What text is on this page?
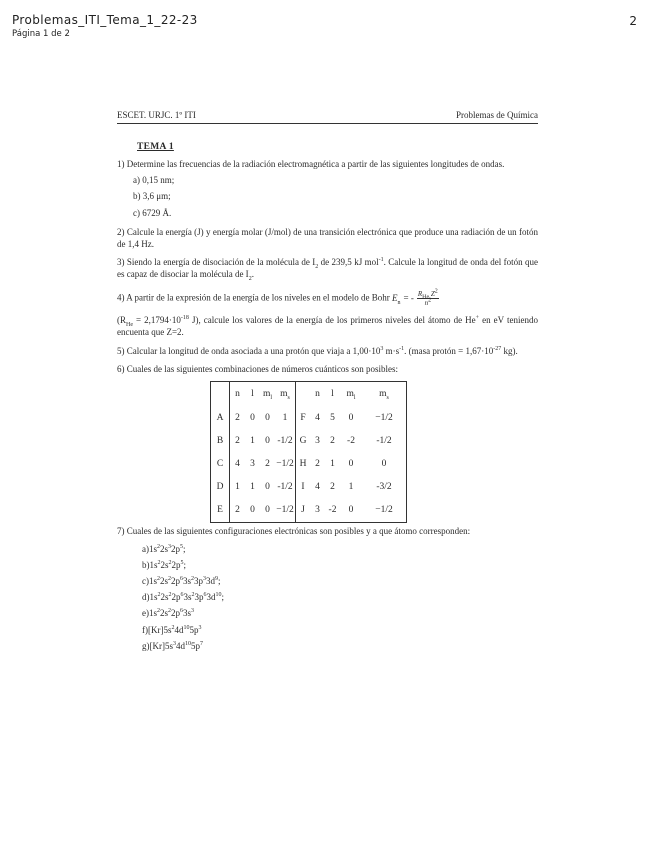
Problemas_ITI_Tema_1_22-23
Página 1 de 2
2
ESCET. URJC. 1º ITI	Problemas de Química
TEMA 1

1) Determine las frecuencias de la radiación electromagnética a partir de las siguientes longitudes de ondas.

a) 0,15 nm;
b) 3,6 μm;
c) 6729 Å.

2) Calcule la energía (J) y energía molar (J/mol) de una transición electrónica que produce una radiación de un fotón de 1,4 Hz.

3) Siendo la energía de disociación de la molécula de $I_2$ de 239,5 kJ mol$^{-1}$. Calcule la longitud de onda del fotón que es capaz de disociar la molécula de $I_2$.

4) A partir de la expresión de la energía de los niveles en el modelo de Bohr $E_n$ = - $\frac{R_{He} Z^2}{n^2}$

($R_{He} = 2,1794\cdot 10^{-18}$ J), calcule los valores de la energía de los primeros niveles del átomo de He+ en eV teniendo encuenta que Z=2.

5) Calcular la longitud de onda asociada a una protón que viaja a $1,00\cdot 10^3$ $m\cdot s^{-1}$. (masa protón = $1,67\cdot 10^{-27}$ kg).

6) Cuales de las siguientes combinaciones de números cuánticos son posibles:

	n	l	$m_l$	$m_s$		n	l	$m_l$	$m_s$
A	2	0	0	1	F	4	5	0	−1/2
B	2	1	0	-1/2	G	3	2	-2	-1/2
C	4	3	2	−1/2	H	2	1	0	0
D	1	1	0	-1/2	I	4	2	1	-3/2
E	2	0	0	−1/2	J	3	-2	0	−1/2

7) Cuales de las siguientes configuraciones electrónicas son posibles y a que átomo corresponden:

$a)1s^22s^32p^5$;
$b)1s^22s^22p^5$;
$c)1s^22s^22p^63s^23p^33d^9$;
$d)1s^22s^22p^63s^23p^63d^{10}$;
$e)1s^22s^22p^63s^3$
$f)[Kr]5s^24d^{10}5p^3$
$g)[Kr]5s^34d^{10}5p^7$
